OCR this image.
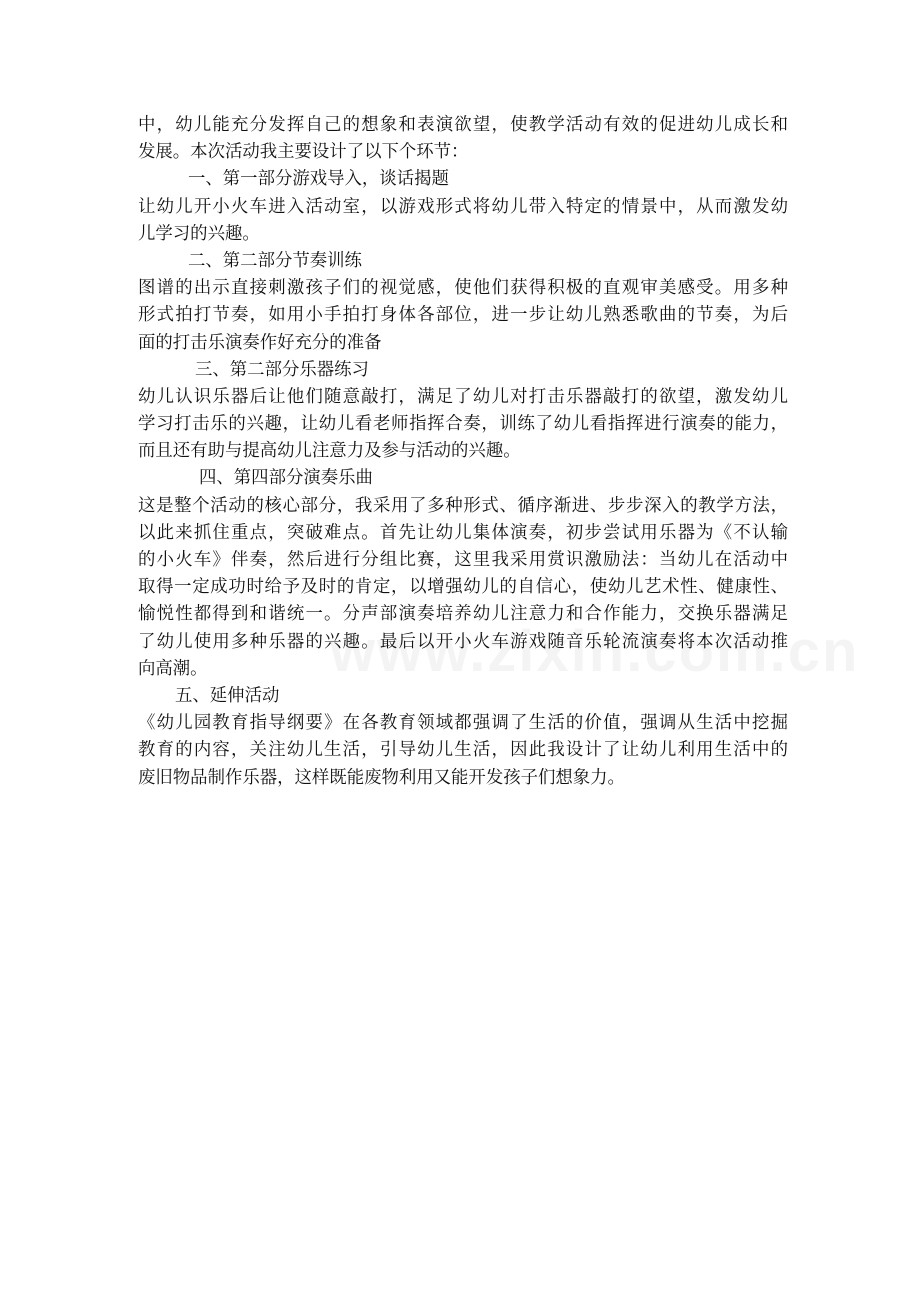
中，幼儿能充分发挥自己的想象和表演欲望，使教学活动有效的促进幼儿成长和
发展。本次活动我主要设计了以下个环节：
一、第一部分游戏导入，谈话揭题
让幼儿开小火车进入活动室，以游戏形式将幼儿带入特定的情景中，从而激发幼
儿学习的兴趣。
二、第二部分节奏训练
图谱的出示直接刺激孩子们的视觉感，使他们获得积极的直观审美感受。用多种
形式拍打节奏，如用小手拍打身体各部位，进一步让幼儿熟悉歌曲的节奏，为后
面的打击乐演奏作好充分的准备
三、第二部分乐器练习
幼儿认识乐器后让他们随意敲打，满足了幼儿对打击乐器敲打的欲望，激发幼儿
学习打击乐的兴趣，让幼儿看老师指挥合奏，训练了幼儿看指挥进行演奏的能力，
而且还有助与提高幼儿注意力及参与活动的兴趣。
四、第四部分演奏乐曲
这是整个活动的核心部分，我采用了多种形式、循序渐进、步步深入的教学方法，
以此来抓住重点，突破难点。首先让幼儿集体演奏，初步尝试用乐器为《不认输
的小火车》伴奏，然后进行分组比赛，这里我采用赏识激励法：当幼儿在活动中
取得一定成功时给予及时的肯定，以增强幼儿的自信心，使幼儿艺术性、健康性、
愉悦性都得到和谐统一。分声部演奏培养幼儿注意力和合作能力，交换乐器满足
了幼儿使用多种乐器的兴趣。最后以开小火车游戏随音乐轮流演奏将本次活动推
向高潮。
五、延伸活动
《幼儿园教育指导纲要》在各教育领域都强调了生活的价值，强调从生活中挖掘
教育的内容，关注幼儿生活，引导幼儿生活，因此我设计了让幼儿利用生活中的
废旧物品制作乐器，这样既能废物利用又能开发孩子们想象力。
